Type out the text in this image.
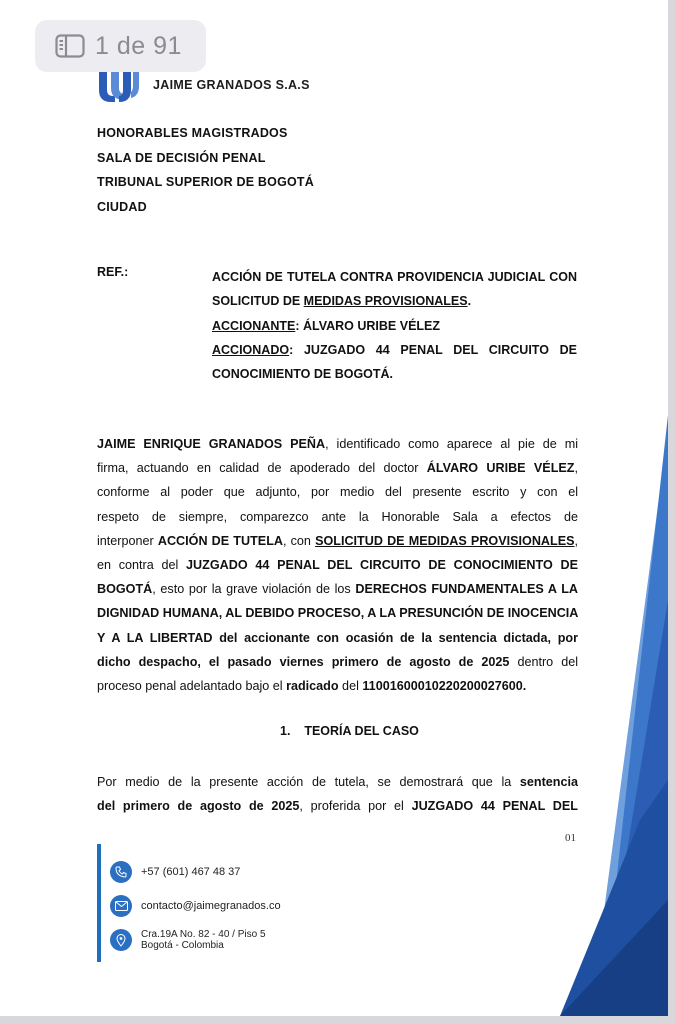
JAIME GRANADOS S.A.S
HONORABLES MAGISTRADOS
SALA DE DECISIÓN PENAL
TRIBUNAL SUPERIOR DE BOGOTÁ
CIUDAD
REF.:	ACCIÓN DE TUTELA CONTRA PROVIDENCIA JUDICIAL CON
SOLICITUD DE MEDIDAS PROVISIONALES.
ACCIONANTE: ÁLVARO URIBE VÉLEZ
ACCIONADO: JUZGADO 44 PENAL DEL CIRCUITO DE
CONOCIMIENTO DE BOGOTÁ.
JAIME ENRIQUE GRANADOS PEÑA, identificado como aparece al pie de mi
firma, actuando en calidad de apoderado del doctor ÁLVARO URIBE VÉLEZ,
conforme al poder que adjunto, por medio del presente escrito y con el
respeto de siempre, comparezco ante la Honorable Sala a efectos de
interponer ACCIÓN DE TUTELA, con SOLICITUD DE MEDIDAS PROVISIONALES,
en contra del JUZGADO 44 PENAL DEL CIRCUITO DE CONOCIMIENTO DE
BOGOTÁ, esto por la grave violación de los DERECHOS FUNDAMENTALES A LA
DIGNIDAD HUMANA, AL DEBIDO PROCESO, A LA PRESUNCIÓN DE INOCENCIA
Y A LA LIBERTAD del accionante con ocasión de la sentencia dictada, por
dicho despacho, el pasado viernes primero de agosto de 2025 dentro del
proceso penal adelantado bajo el radicado del 11001600010220200027600.
1.    TEORÍA DEL CASO
Por medio de la presente acción de tutela, se demostrará que la sentencia
del primero de agosto de 2025, proferida por el JUZGADO 44 PENAL DEL
01
+57 (601) 467 48 37
contacto@jaimegranados.co
Cra.19A No. 82 - 40 / Piso 5
Bogotá - Colombia
1 de 91
